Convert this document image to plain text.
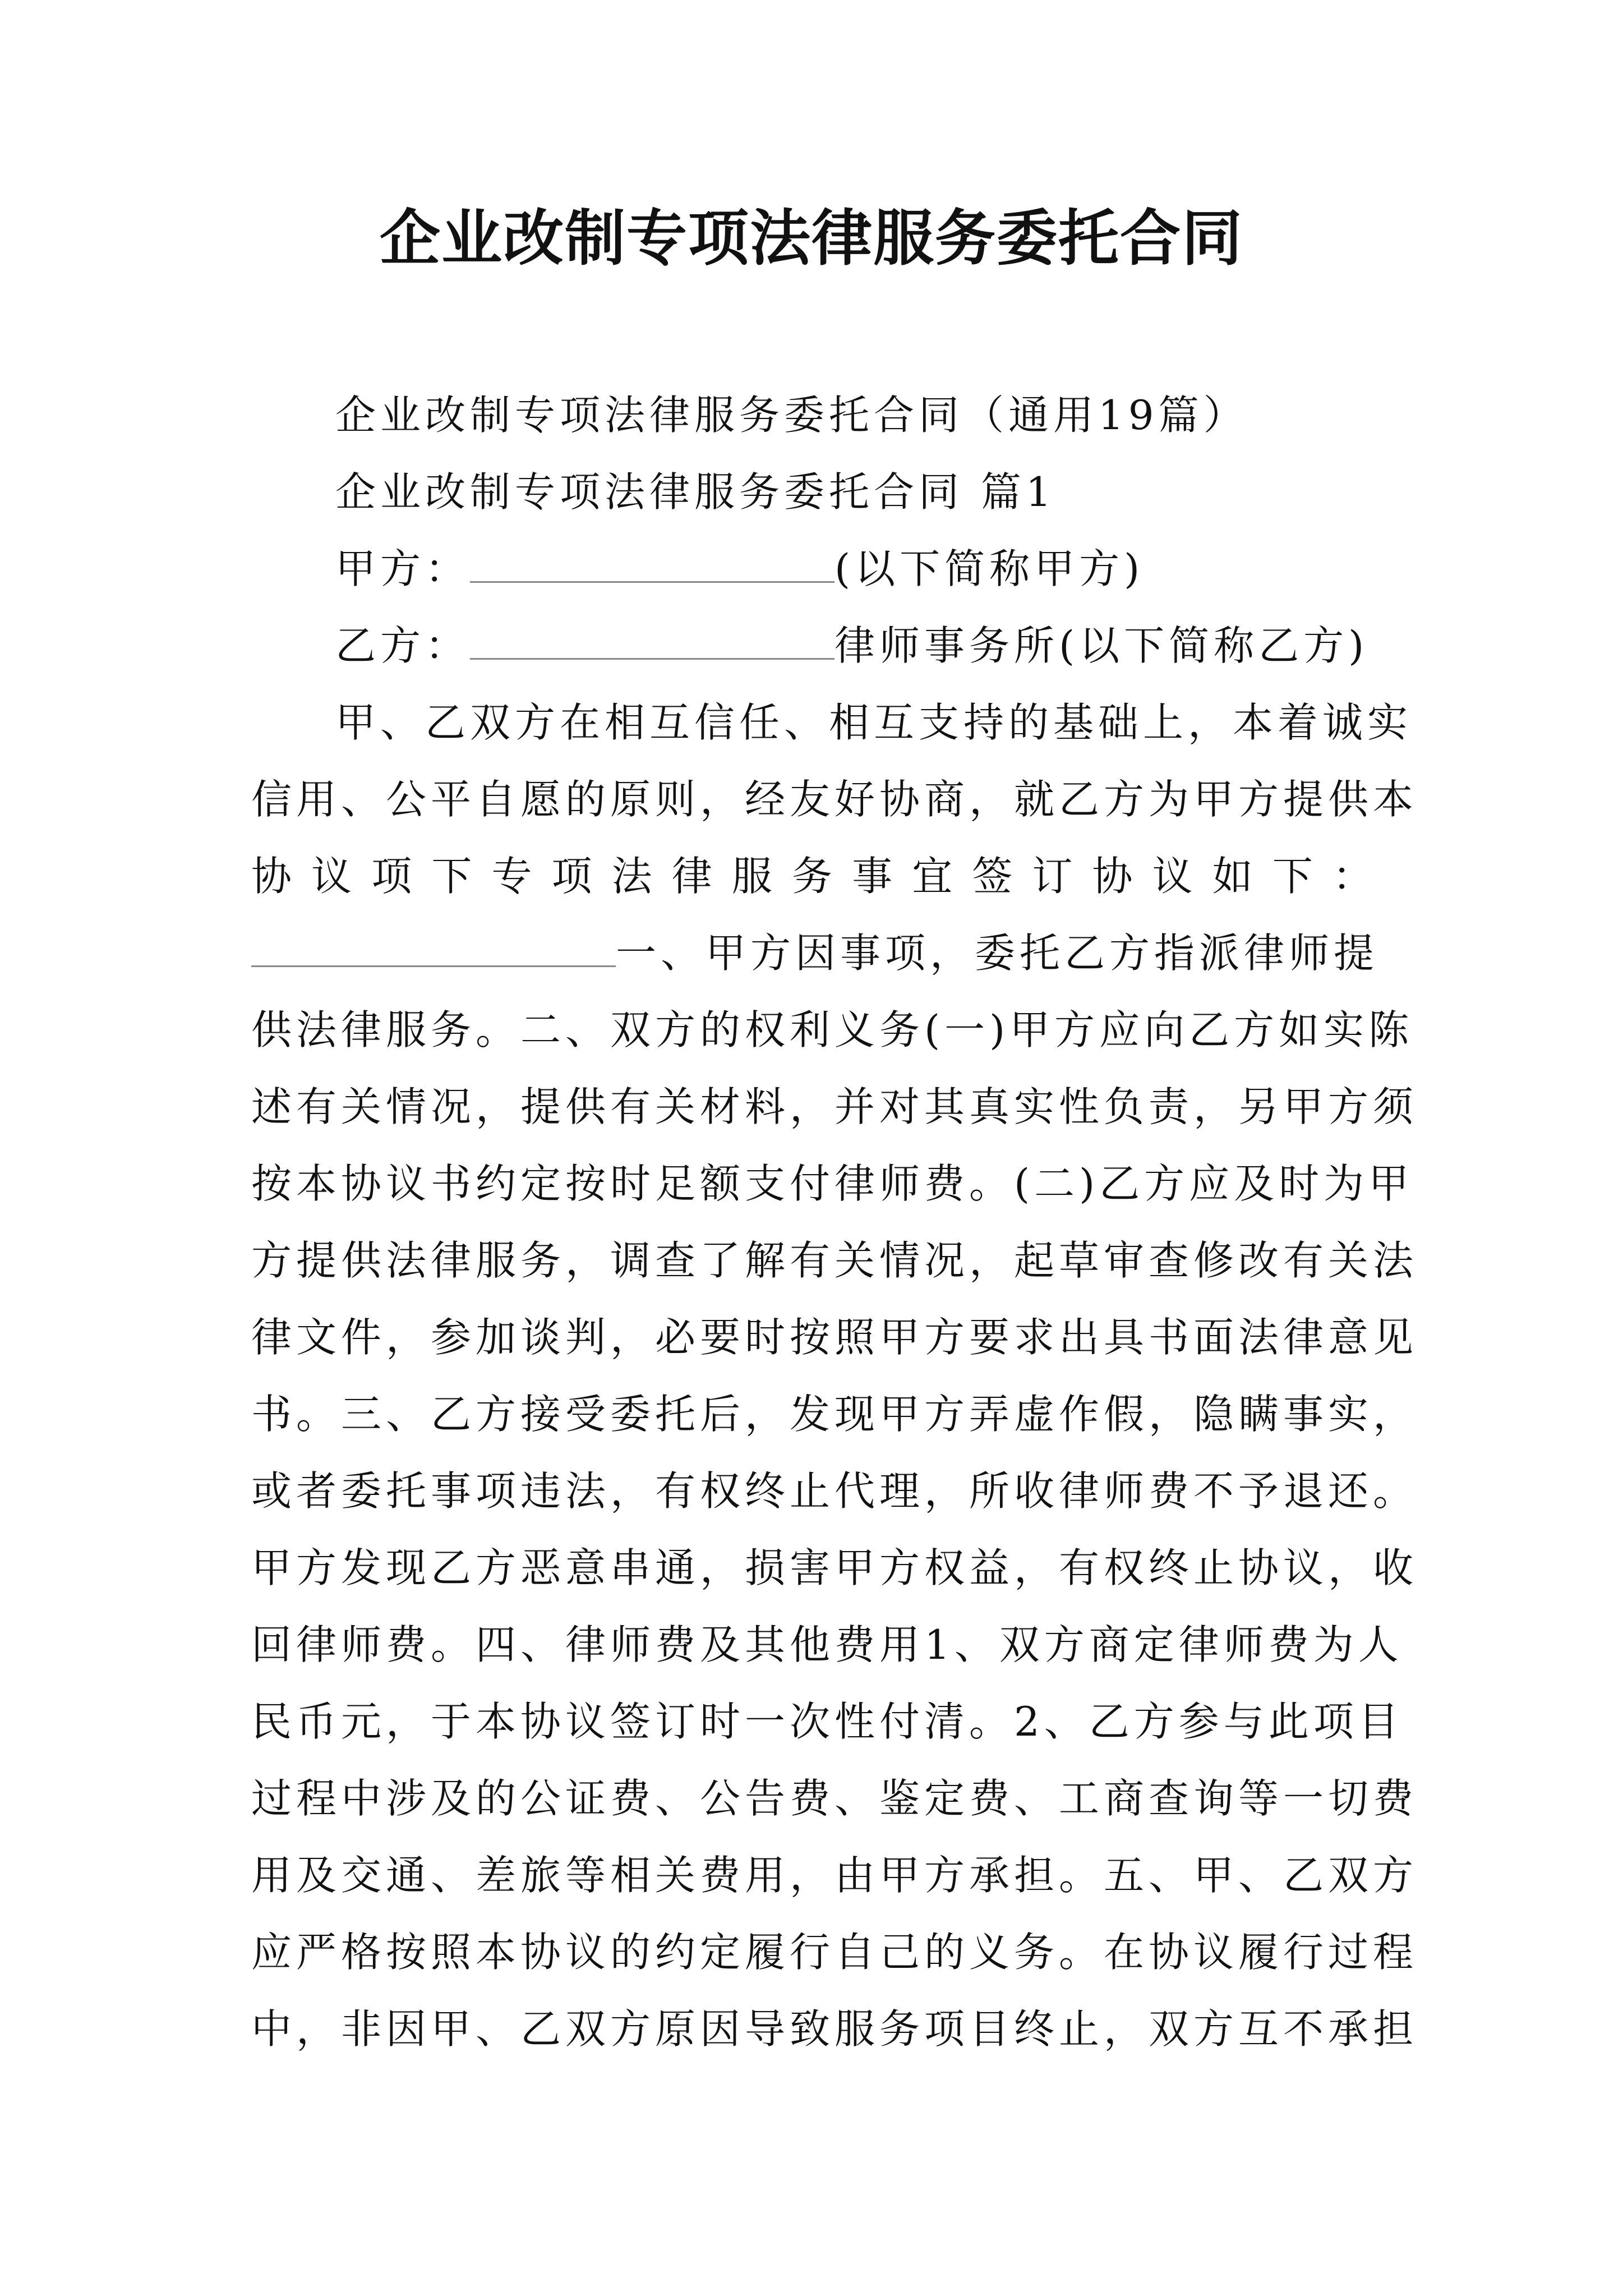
企业改制专项法律服务委托合同
企业改制专项法律服务委托合同（通用19篇）
企业改制专项法律服务委托合同 篇1
甲方：	(以下简称甲方)
乙方：	律师事务所(以下简称乙方)
甲、乙双方在相互信任、相互支持的基础上，本着诚实
信用、公平自愿的原则，经友好协商，就乙方为甲方提供本
协 议 项 下 专 项 法 律 服 务 事 宜 签 订 协 议 如 下 ：
一、甲方因事项，委托乙方指派律师提
供法律服务。二、双方的权利义务(一)甲方应向乙方如实陈
述有关情况，提供有关材料，并对其真实性负责，另甲方须
按本协议书约定按时足额支付律师费。(二)乙方应及时为甲
方提供法律服务，调查了解有关情况，起草审查修改有关法
律文件，参加谈判，必要时按照甲方要求出具书面法律意见
书。三、乙方接受委托后，发现甲方弄虚作假，隐瞒事实，
或者委托事项违法，有权终止代理，所收律师费不予退还。
甲方发现乙方恶意串通，损害甲方权益，有权终止协议，收
回律师费。四、律师费及其他费用1、双方商定律师费为人
民币元，于本协议签订时一次性付清。2、乙方参与此项目
过程中涉及的公证费、公告费、鉴定费、工商查询等一切费
用及交通、差旅等相关费用，由甲方承担。五、甲、乙双方
应严格按照本协议的约定履行自己的义务。在协议履行过程
中，非因甲、乙双方原因导致服务项目终止，双方互不承担
